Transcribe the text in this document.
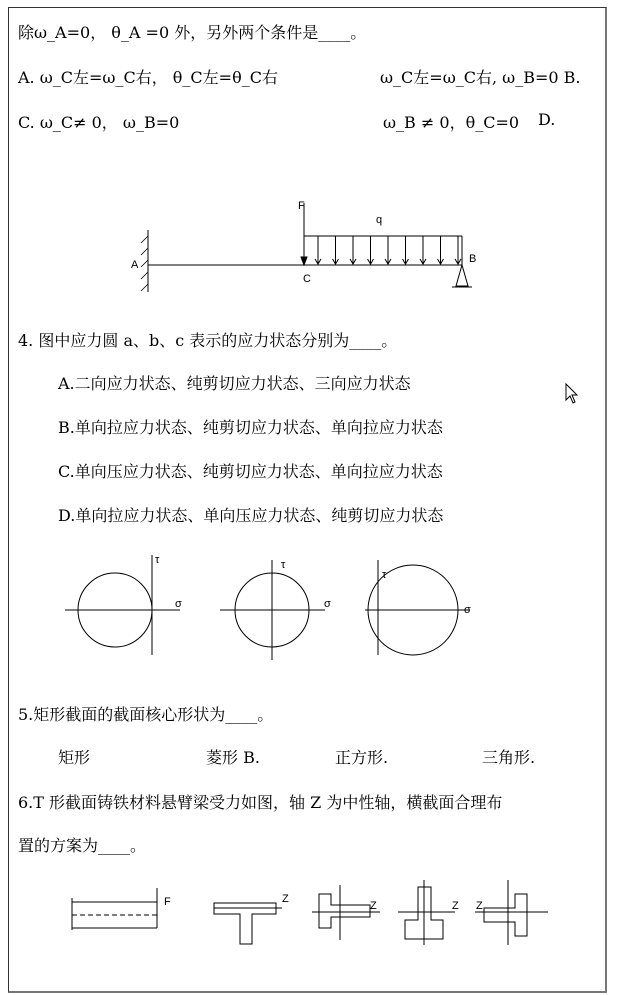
除ω_A=0， θ_A =0 外，另外两个条件是____。
A. ω_C左=ω_C右， θ_C左=θ_C右	ω_C左=ω_C右, ω_B=0 B.
C. ω_C≠ 0， ω_B=0	ω_B ≠ 0，θ_C=0 D.
F
q
A	B
C
4. 图中应力圆 a、b、c 表示的应力状态分别为____。
A.二向应力状态、纯剪切应力状态、三向应力状态
B.单向拉应力状态、纯剪切应力状态、单向拉应力状态
C.单向压应力状态、纯剪切应力状态、单向拉应力状态
D.单向拉应力状态、单向压应力状态、纯剪切应力状态
τ
σ
τ
σ
τ
σ
5.矩形截面的截面核心形状为____。
矩形	菱形 B.	正方形.	三角形.
6.T 形截面铸铁材料悬臂梁受力如图，轴 Z 为中性轴，横截面合理布
置的方案为____。
F	Z
Z	Z Z
